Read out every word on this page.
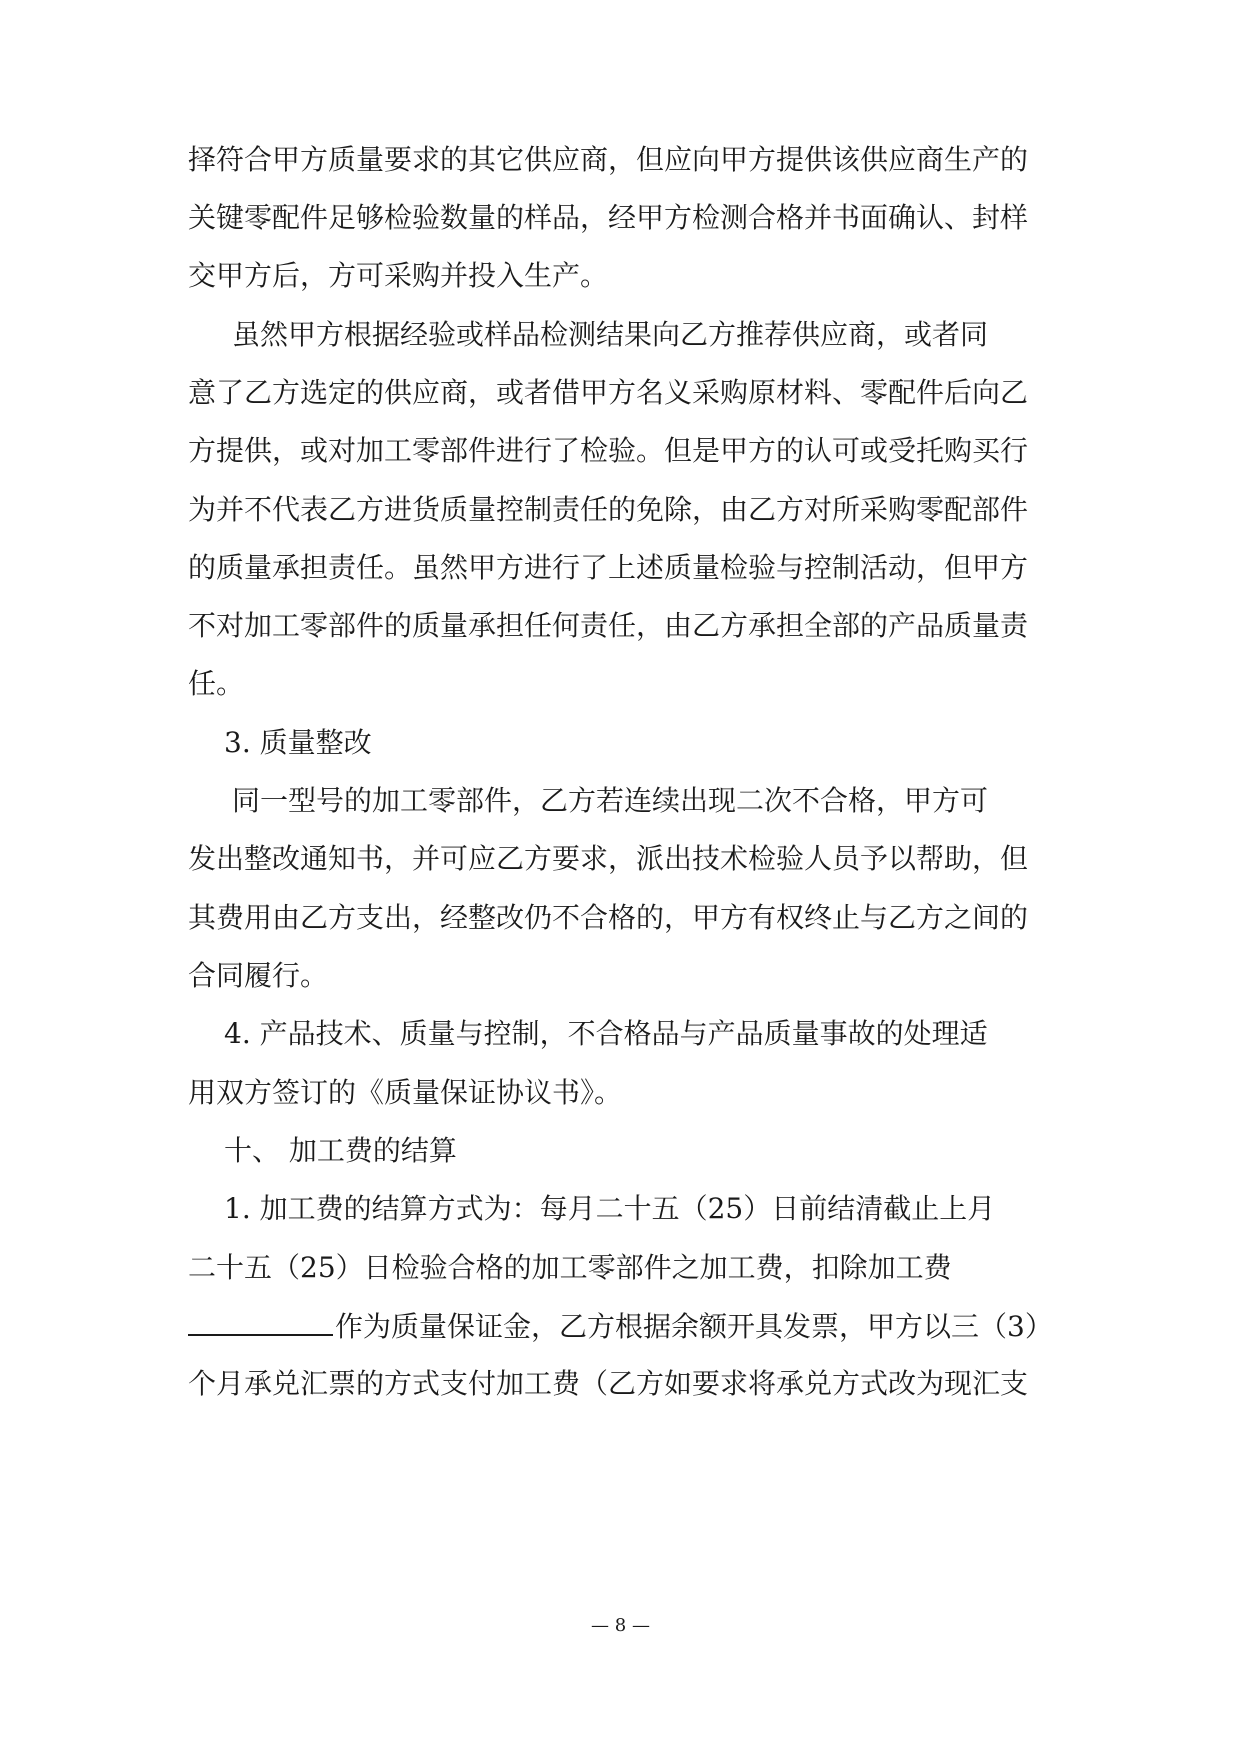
择符合甲方质量要求的其它供应商，但应向甲方提供该供应商生产的
关键零配件足够检验数量的样品，经甲方检测合格并书面确认、封样
交甲方后，方可采购并投入生产。
虽然甲方根据经验或样品检测结果向乙方推荐供应商，或者同
意了乙方选定的供应商，或者借甲方名义采购原材料、零配件后向乙
方提供，或对加工零部件进行了检验。但是甲方的认可或受托购买行
为并不代表乙方进货质量控制责任的免除，由乙方对所采购零配部件
的质量承担责任。虽然甲方进行了上述质量检验与控制活动，但甲方
不对加工零部件的质量承担任何责任，由乙方承担全部的产品质量责
任。
3. 质量整改
同一型号的加工零部件，乙方若连续出现二次不合格，甲方可
发出整改通知书，并可应乙方要求，派出技术检验人员予以帮助，但
其费用由乙方支出，经整改仍不合格的，甲方有权终止与乙方之间的
合同履行。
4. 产品技术、质量与控制，不合格品与产品质量事故的处理适
用双方签订的《质量保证协议书》。
十、 加工费的结算
1. 加工费的结算方式为：每月二十五（25）日前结清截止上月
二十五（25）日检验合格的加工零部件之加工费，扣除加工费
作为质量保证金，乙方根据余额开具发票，甲方以三（3）
个月承兑汇票的方式支付加工费（乙方如要求将承兑方式改为现汇支
— 8 —
